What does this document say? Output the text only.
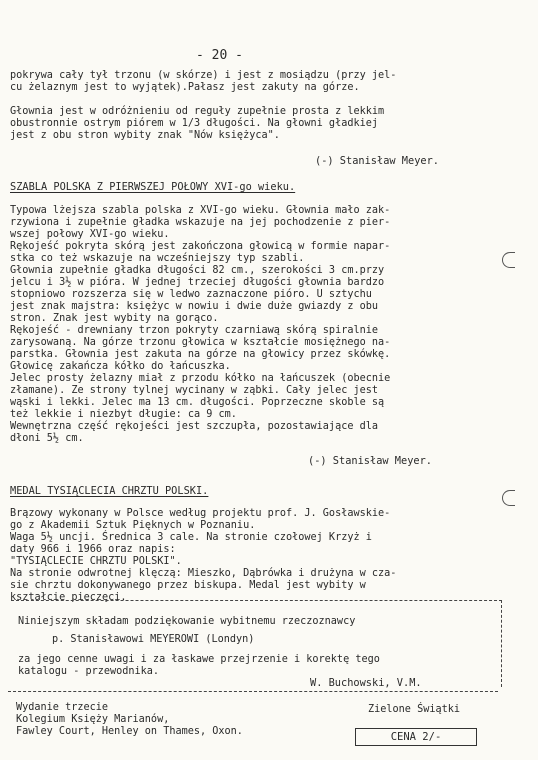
- 20 -
pokrywa cały tył trzonu (w skórze) i jest z mosiądzu (przy jel-
cu żelaznym jest to wyjątek).Pałasz jest zakuty na górze.
Głownia jest w odróżnieniu od reguły zupełnie prosta z lekkim
obustronnie ostrym piórem w 1/3 długości. Na głowni gładkiej
jest z obu stron wybity znak "Nów księżyca".
(-) Stanisław Meyer.
SZABLA POLSKA Z PIERWSZEJ POŁOWY XVI-go wieku.
Typowa lżejsza szabla polska z XVI-go wieku. Głownia mało zak-
rzywiona i zupełnie gładka wskazuje na jej pochodzenie z pier-
wszej połowy XVI-go wieku.
Rękojeść pokryta skórą jest zakończona głowicą w formie napar-
stka co też wskazuje na wcześniejszy typ szabli.
Głownia zupełnie gładka długości 82 cm., szerokości 3 cm.przy
jelcu i 3½ w pióra. W jednej trzeciej długości głownia bardzo
stopniowo rozszerza się w ledwo zaznaczone pióro. U sztychu
jest znak majstra: księżyc w nowiu i dwie duże gwiazdy z obu
stron. Znak jest wybity na gorąco.
Rękojeść - drewniany trzon pokryty czarniawą skórą spiralnie
zarysowaną. Na górze trzonu głowica w kształcie mosiężnego na-
parstka. Głownia jest zakuta na górze na głowicy przez skówkę.
Głowicę zakańcza kółko do łańcuszka.
Jelec prosty żelazny miał z przodu kółko na łańcuszek (obecnie
złamane). Ze strony tylnej wycinany w ząbki. Cały jelec jest
wąski i lekki. Jelec ma 13 cm. długości. Poprzeczne skoble są
też lekkie i niezbyt długie: ca 9 cm.
Wewnętrzna część rękojeści jest szczupła, pozostawiające dla
dłoni 5½ cm.
(-) Stanisław Meyer.
MEDAL TYSIĄCLECIA CHRZTU POLSKI.
Brązowy wykonany w Polsce według projektu prof. J. Gosławskie-
go z Akademii Sztuk Pięknych w Poznaniu.
Waga 5½ uncji. Średnica 3 cale. Na stronie czołowej Krzyż i
daty 966 i 1966 oraz napis:
"TYSIĄCLECIE CHRZTU POLSKI".
Na stronie odwrotnej klęczą: Mieszko, Dąbrówka i drużyna w cza-
sie chrztu dokonywanego przez biskupa. Medal jest wybity w
kształcie pieczęci.
Niniejszym składam podziękowanie wybitnemu rzeczoznawcy
p. Stanisławowi MEYEROWI (Londyn)
za jego cenne uwagi i za łaskawe przejrzenie i korektę tego
katalogu - przewodnika.
W. Buchowski, V.M.
Wydanie trzecie
Kolegium Księży Marianów,
Fawley Court, Henley on Thames, Oxon.
Zielone Świątki
CENA 2/-
